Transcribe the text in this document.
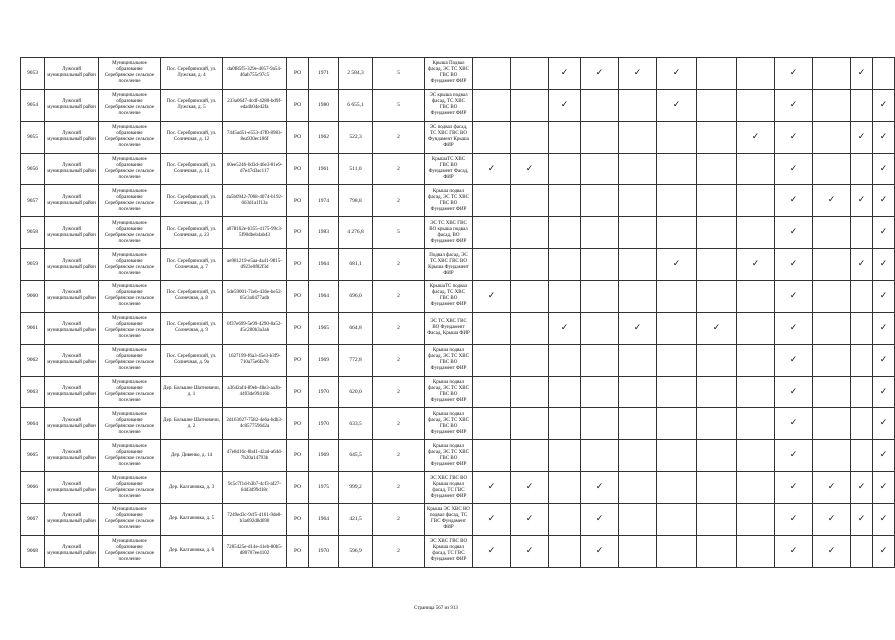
9053	Лужский муниципальный район	Муниципальное образование Серебрянское сельское поселение	Пос. Серебрянский, ул. Лужская, д. 4	da0f85f5-329e-4057-9a54-46ab755c97c5	РО	1971	2 584,3	5	Крыша Подвал фасад, ЭС ТС ХВС ГВС ВО Фундамент ФИР			✓	✓	✓	✓			✓		✓	
9054	Лужский муниципальный район	Муниципальное образование Серебрянское сельское поселение	Пос. Серебрянский, ул. Лужская, д. 5	233a0647-4cdf-4280-bd9f-eda4b04e42fa	РО	1980	6 655,1	5	ЭС крыша подвал фасад, ТС ХВС ГВС ВО Фундамент ФИР			✓			✓			✓			✓
9055	Лужский муниципальный район	Муниципальное образование Серебрянское сельское поселение	Пос. Серебрянский, ул. Солнечная, д. 12	7445ad51-e553-47f0-8983-8ea930ec186f	РО	1962	522,3	2	ЭС подвал фасад, ТС ХВС ГВС ВО Фундамент Крыша ФИР								✓	✓		✓	✓
9056	Лужский муниципальный район	Муниципальное образование Серебрянское сельское поселение	Пос. Серебрянский, ул. Солнечная, д. 14	60ee5246-0d3d-46e3-81e9-d7e47d3ac117	РО	1961	511,0	2	КрышаТС ХВС ГВС ВО Фундамент Фасад, ФИР	✓	✓							✓			✓
9057	Лужский муниципальный район	Муниципальное образование Серебрянское сельское поселение	Пос. Серебрянский, ул. Солнечная, д. 19	4a5b0942-7068-4074-b192-663d1a1f13a	РО	1974	798,8	2	Крыша подвал фасад, ЭС ТС ХВС ГВС ВО Фундамент ФИР									✓	✓	✓	✓
9058	Лужский муниципальный район	Муниципальное образование Серебрянское сельское поселение	Пос. Серебрянский, ул. Солнечная, д. 23	a078162e-b355-4175-99c3-5f90dbeb4ab43	РО	1983	4 276,8	5	ЭС ТС ХВС ГВС ВО крыша подвал фасад, ВО Фундамент ФИР									✓			✓
9059	Лужский муниципальный район	Муниципальное образование Серебрянское сельское поселение	Пос. Серебрянский, ул. Солнечная, д. 7	ae981219-e5aa-4a41-9815-d923e0f82f3d	РО	1964	681,1	2	Подвал фасад, ЭС ТС ХВС ГВС ВО Крыша Фундамент ФИР						✓		✓	✓		✓	✓
9060	Лужский муниципальный район	Муниципальное образование Серебрянское сельское поселение	Пос. Серебрянский, ул. Солнечная, д. 8	5de59001-71eb-436e-be52-65c3a0477adb	РО	1964	696,0	2	КрышаТС подвал фасад, ТС ХВС ГВС ВО Фундамент ФИР	✓								✓			✓
9061	Лужский муниципальный район	Муниципальное образование Серебрянское сельское поселение	Пос. Серебрянский, ул. Солнечная, д. 9	0f37e699-5e99-4290-8a52-45c280b3a3ab	РО	1965	664,8	2	ЭС ТС ХВС ГВС ВО Фундамент Фасад, Крыша ФИР			✓		✓		✓		✓			✓
9062	Лужский муниципальный район	Муниципальное образование Серебрянское сельское поселение	Пос. Серебрянский, ул. Солнечная, д. 9а	1627199-f6a3-45e3-b3f9-710a75e6fa78	РО	1969	772,8	2	Крыша подвал фасад, ЭС ТС ХВС ГВС ВО Фундамент ФИР									✓			✓
9063	Лужский муниципальный район	Муниципальное образование Серебрянское сельское поселение	Дер. Большие Шатновичи, д. 1	a3642af4-89eb-48e3-aa3b-4493de99416b	РО	1970	620,0	2	Крыша подвал фасад, ЭС ТС ХВС ГВС ВО Фундамент ФИР									✓			✓
9064	Лужский муниципальный район	Муниципальное образование Серебрянское сельское поселение	Дер. Большие Шатновичи, д. 2	2d163027-7582-4e6a-bdb3-4c8577596d2a	РО	1970	633,5	2	Крыша подвал фасад, ЭС ТС ХВС ГВС ВО Фундамент ФИР									✓			✓
9065	Лужский муниципальный район	Муниципальное образование Серебрянское сельское поселение	Дер. Дивенко, д. 14	47e8d16c-8b41-42ad-a64d-7b20a14793b	РО	1969	645,5	2	Крыша подвал фасад, ЭС ТС ХВС ГВС ВО Фундамент ФИР									✓			✓
9066	Лужский муниципальный район	Муниципальное образование Серебрянское сельское поселение	Дер. Калгановка, д. 3	9c5c7f1d-h3b7-4cf3-af27-64d3d99d18c	РО	1975	999,2	2	ЭС ХВС ГВС ВО Крыша подвал фасад, ТС ГВС Фундамент ФИР	✓	✓		✓					✓	✓	✓	✓
9067	Лужский муниципальный район	Муниципальное образование Серебрянское сельское поселение	Дер. Калгановка, д. 5	7249ed3c-9cf5-4161-9de8-b3a692d8d690	РО	1964	421,5	2	Крыша ЭС ХВС ВО подвал фасад, ТС ГВС Фундамент ФИР	✓	✓		✓					✓	✓	✓	✓
9068	Лужский муниципальный район	Муниципальное образование Серебрянское сельское поселение	Дер. Калгановка, д. 6	7285425e-d14e-41eb-80b5-d80707ee4102	РО	1970	596,9	2	ЭС ХВС ГВС ВО Крыша подвал фасад, ТС ГВС Фундамент ФИР	✓	✓		✓					✓	✓		✓
Страница 567 из 913
